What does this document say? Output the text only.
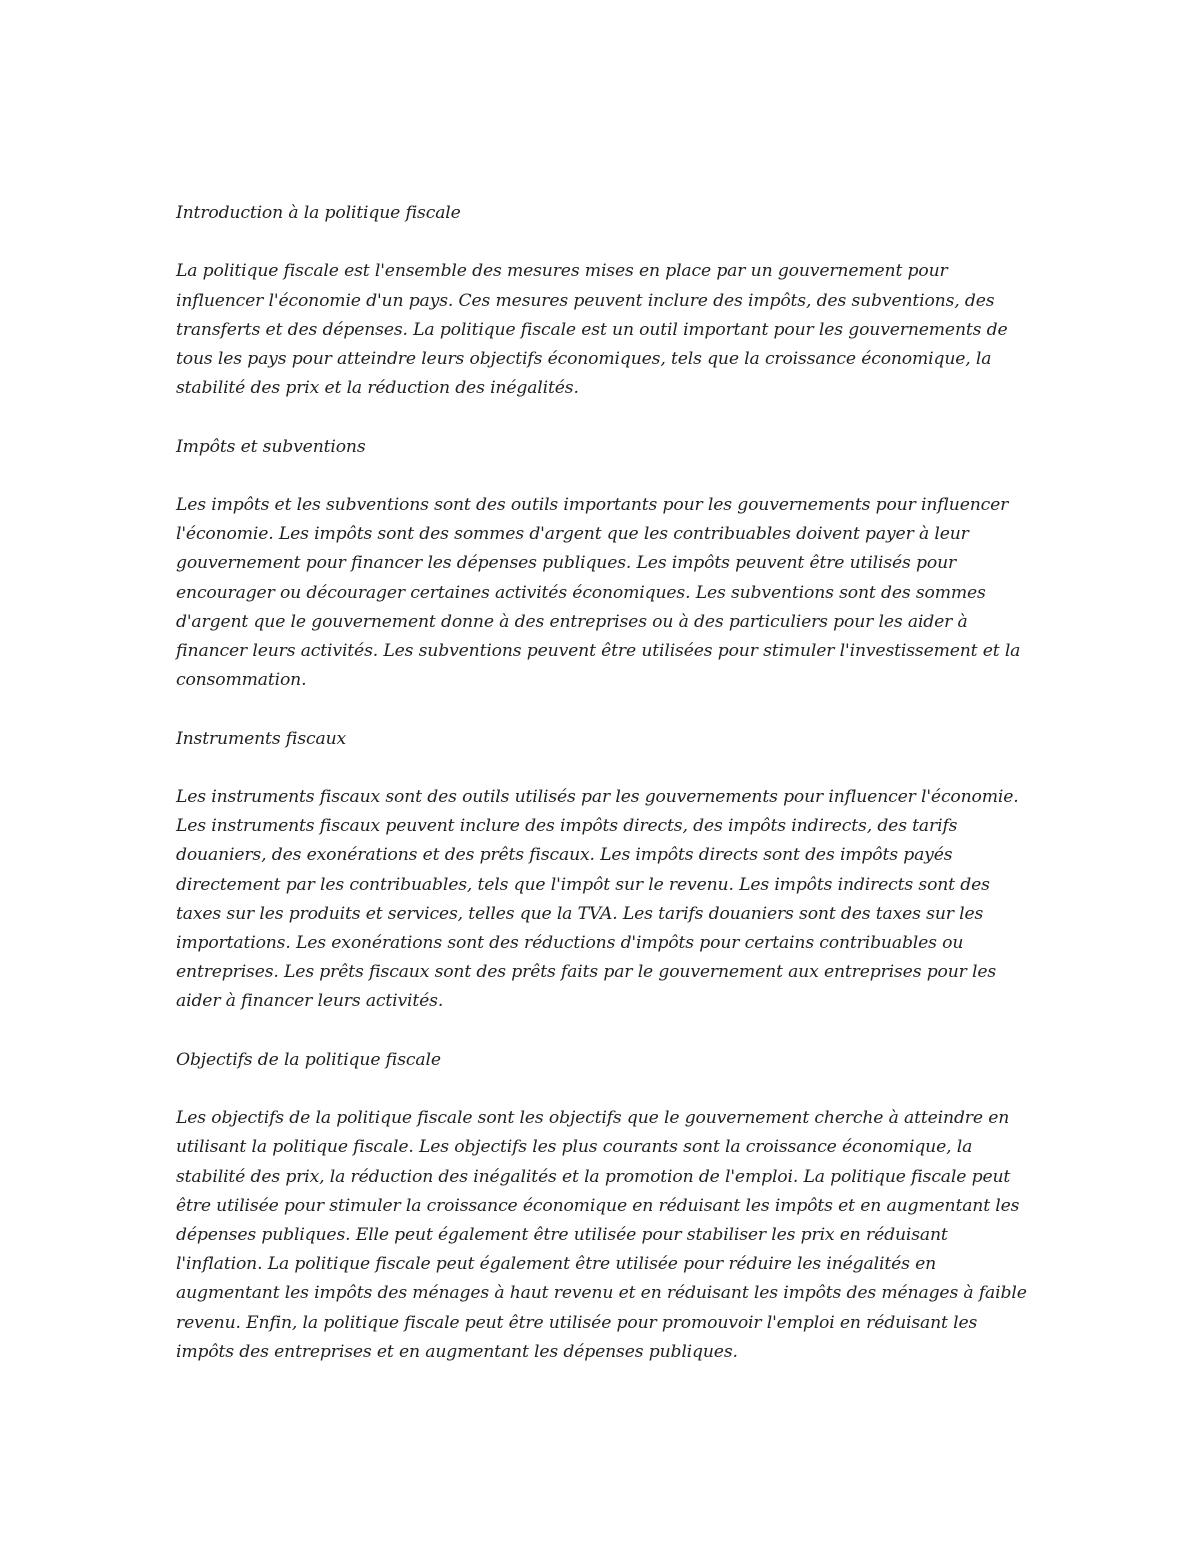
Introduction à la politique fiscale
La politique fiscale est l'ensemble des mesures mises en place par un gouvernement pour influencer l'économie d'un pays. Ces mesures peuvent inclure des impôts, des subventions, des transferts et des dépenses. La politique fiscale est un outil important pour les gouvernements de tous les pays pour atteindre leurs objectifs économiques, tels que la croissance économique, la stabilité des prix et la réduction des inégalités.
Impôts et subventions
Les impôts et les subventions sont des outils importants pour les gouvernements pour influencer l'économie. Les impôts sont des sommes d'argent que les contribuables doivent payer à leur gouvernement pour financer les dépenses publiques. Les impôts peuvent être utilisés pour encourager ou décourager certaines activités économiques. Les subventions sont des sommes d'argent que le gouvernement donne à des entreprises ou à des particuliers pour les aider à financer leurs activités. Les subventions peuvent être utilisées pour stimuler l'investissement et la consommation.
Instruments fiscaux
Les instruments fiscaux sont des outils utilisés par les gouvernements pour influencer l'économie. Les instruments fiscaux peuvent inclure des impôts directs, des impôts indirects, des tarifs douaniers, des exonérations et des prêts fiscaux. Les impôts directs sont des impôts payés directement par les contribuables, tels que l'impôt sur le revenu. Les impôts indirects sont des taxes sur les produits et services, telles que la TVA. Les tarifs douaniers sont des taxes sur les importations. Les exonérations sont des réductions d'impôts pour certains contribuables ou entreprises. Les prêts fiscaux sont des prêts faits par le gouvernement aux entreprises pour les aider à financer leurs activités.
Objectifs de la politique fiscale
Les objectifs de la politique fiscale sont les objectifs que le gouvernement cherche à atteindre en utilisant la politique fiscale. Les objectifs les plus courants sont la croissance économique, la stabilité des prix, la réduction des inégalités et la promotion de l'emploi. La politique fiscale peut être utilisée pour stimuler la croissance économique en réduisant les impôts et en augmentant les dépenses publiques. Elle peut également être utilisée pour stabiliser les prix en réduisant l'inflation. La politique fiscale peut également être utilisée pour réduire les inégalités en augmentant les impôts des ménages à haut revenu et en réduisant les impôts des ménages à faible revenu. Enfin, la politique fiscale peut être utilisée pour promouvoir l'emploi en réduisant les impôts des entreprises et en augmentant les dépenses publiques.
